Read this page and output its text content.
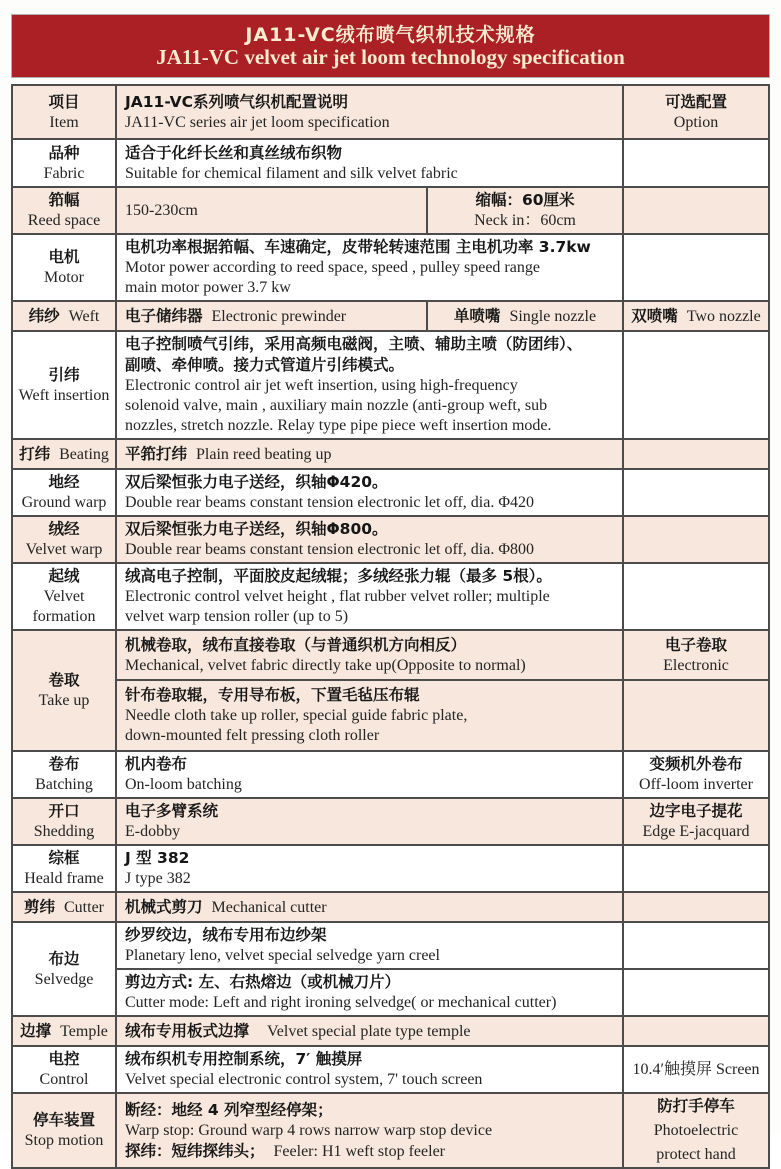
JA11-VC绒布喷气织机技术规格
JA11-VC velvet air jet loom technology specification
项目
Item
JA11-VC系列喷气织机配置说明
JA11-VC series air jet loom specification
可选配置
Option
品种
Fabric
适合于化纤长丝和真丝绒布织物
Suitable for chemical filament and silk velvet fabric
筘幅
Reed space
150-230cm
缩幅：60厘米
Neck in：60cm
电机
Motor
电机功率根据筘幅、车速确定，皮带轮转速范围 主电机功率 3.7kw
Motor power according to reed space, speed , pulley speed range
main motor power 3.7 kw
纬纱 Weft 电子储纬器 Electronic prewinder	单喷嘴 Single nozzle 双喷嘴 Two nozzle
引纬
Weft insertion
电子控制喷气引纬，采用高频电磁阀，主喷、辅助主喷（防团纬）、
副喷、牵伸喷。接力式管道片引纬模式。
Electronic control air jet weft insertion, using high-frequency
solenoid valve, main , auxiliary main nozzle (anti-group weft, sub
nozzles, stretch nozzle. Relay type pipe piece weft insertion mode.
打纬 Beating 平筘打纬 Plain reed beating up
地经
Ground warp
双后梁恒张力电子送经，织轴Φ420。
Double rear beams constant tension electronic let off, dia. Φ420
绒经
Velvet warp
双后梁恒张力电子送经，织轴Φ800。
Double rear beams constant tension electronic let off, dia. Φ800
起绒
Velvet formation
绒高电子控制，平面胶皮起绒辊；多绒经张力辊（最多 5根）。
Electronic control velvet height , flat rubber velvet roller; multiple
velvet warp tension roller (up to 5)
卷取
Take up
机械卷取，绒布直接卷取（与普通织机方向相反）
Mechanical, velvet fabric directly take up(Opposite to normal)
电子卷取
Electronic
针布卷取辊，专用导布板，下置毛毡压布辊
Needle cloth take up roller, special guide fabric plate,
down-mounted felt pressing cloth roller
卷布
Batching
机内卷布
On-loom batching
变频机外卷布
Off-loom inverter
开口
Shedding
电子多臂系统
E-dobby
边字电子提花
Edge E-jacquard
综框
Heald frame
J 型 382
J type 382
剪纬 Cutter 机械式剪刀 Mechanical cutter
布边
Selvedge
纱罗绞边，绒布专用布边纱架
Planetary leno, velvet special selvedge yarn creel
剪边方式: 左、右热熔边（或机械刀片）
Cutter mode: Left and right ironing selvedge( or mechanical cutter)
边撑 Temple 绒布专用板式边撑 Velvet special plate type temple
电控
Control
绒布织机专用控制系统，7′ 触摸屏
Velvet special electronic control system, 7' touch screen
10.4′触摸屏 Screen
停车装置
Stop motion
断经：地经 4 列窄型经停架；
Warp stop: Ground warp 4 rows narrow warp stop device
探纬：短纬探纬头； Feeler: H1 weft stop feeler
防打手停车
Photoelectric
protect hand
